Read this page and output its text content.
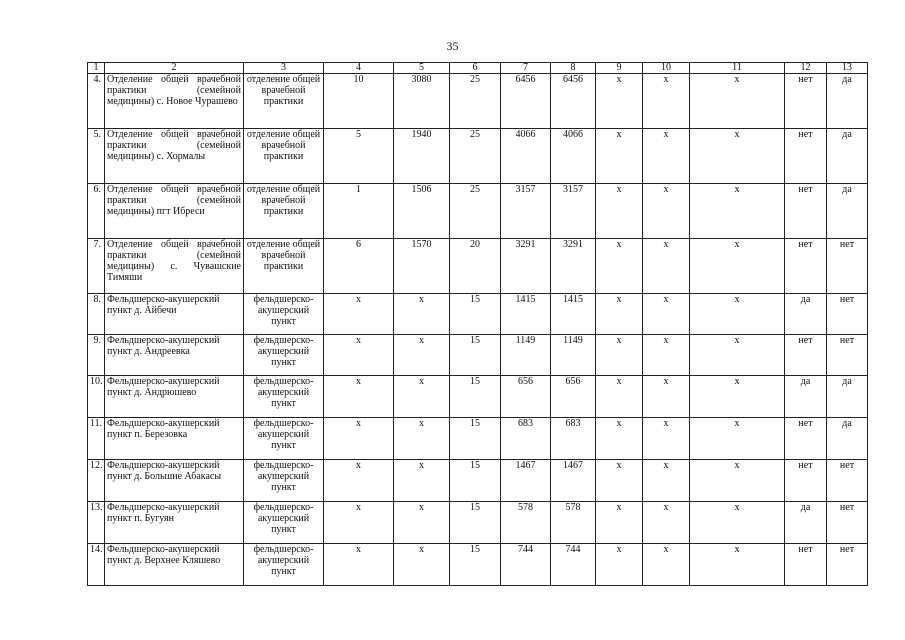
35
1	2	3	4	5	6	7	8	9	10	11	12	13
4.	Отделение общей врачебной практики (семейной медицины) с. Новое Чурашево	отделение общей врачебной практики	10	3080	25	6456	6456	х	х	х	нет	да
5.	Отделение общей врачебной практики (семейной медицины) с. Хормалы	отделение общей врачебной практики	5	1940	25	4066	4066	х	х	х	нет	да
6.	Отделение общей врачебной практики (семейной медицины) пгт Ибреси	отделение общей врачебной практики	1	1506	25	3157	3157	х	х	х	нет	да
7.	Отделение общей врачебной практики (семейной медицины) с. Чувашские Тимяши	отделение общей врачебной практики	6	1570	20	3291	3291	х	х	х	нет	нет
8.	Фельдшерско-акушерский пункт д. Айбечи	фельдшерско-акушерский пункт	х	х	15	1415	1415	х	х	х	да	нет
9.	Фельдшерско-акушерский пункт д. Андреевка	фельдшерско-акушерский пункт	х	х	15	1149	1149	х	х	х	нет	нет
10.	Фельдшерско-акушерский пункт д. Андрюшево	фельдшерско-акушерский пункт	х	х	15	656	656	х	х	х	да	да
11.	Фельдшерско-акушерский пункт п. Березовка	фельдшерско-акушерский пункт	х	х	15	683	683	х	х	х	нет	да
12.	Фельдшерско-акушерский пункт д. Большие Абакасы	фельдшерско-акушерский пункт	х	х	15	1467	1467	х	х	х	нет	нет
13.	Фельдшерско-акушерский пункт п. Бугуян	фельдшерско-акушерский пункт	х	х	15	578	578	х	х	х	да	нет
14.	Фельдшерско-акушерский пункт д. Верхнее Кляшево	фельдшерско-акушерский пункт	х	х	15	744	744	х	х	х	нет	нет
